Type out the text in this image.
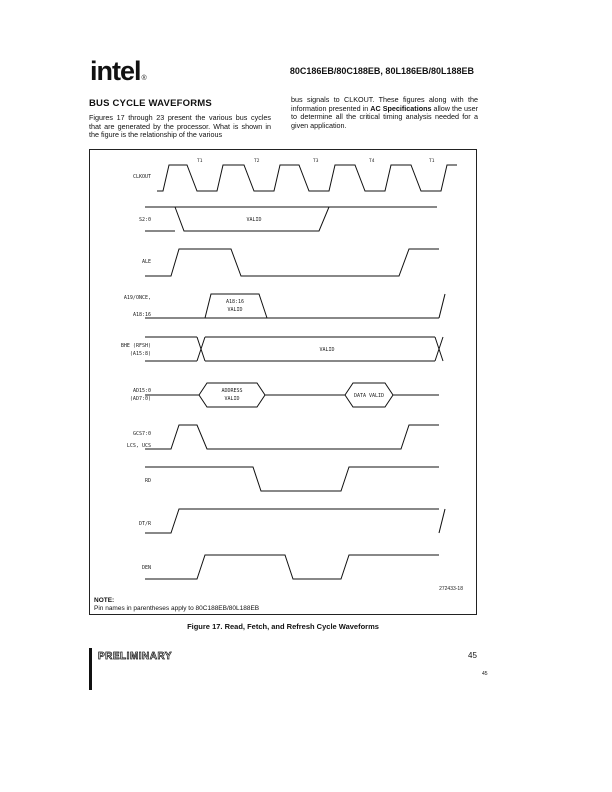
intel®
80C186EB/80C188EB, 80L186EB/80L188EB
BUS CYCLE WAVEFORMS
Figures 17 through 23 present the various bus cycles that are generated by the processor. What is shown in the figure is the relationship of the various
bus signals to CLKOUT. These figures along with the information presented in AC Specifications allow the user to determine all the critical timing analysis needed for a given application.
T1	T2	T3	T4	T1
CLKOUT
S2:0
ALE
A19/ONCE,
A18:16
BHE (RFSH)
(A15:8)
AD15:0
(AD7:0)
GCS7:0
LCS, UCS
RD
DT/R
DEN
VALID
A18:16
VALID
VALID
ADDRESS
VALID	DATA VALID
272433-18
NOTE:
Pin names in parentheses apply to 80C188EB/80L188EB
Figure 17. Read, Fetch, and Refresh Cycle Waveforms
PRELIMINARY	45
45
